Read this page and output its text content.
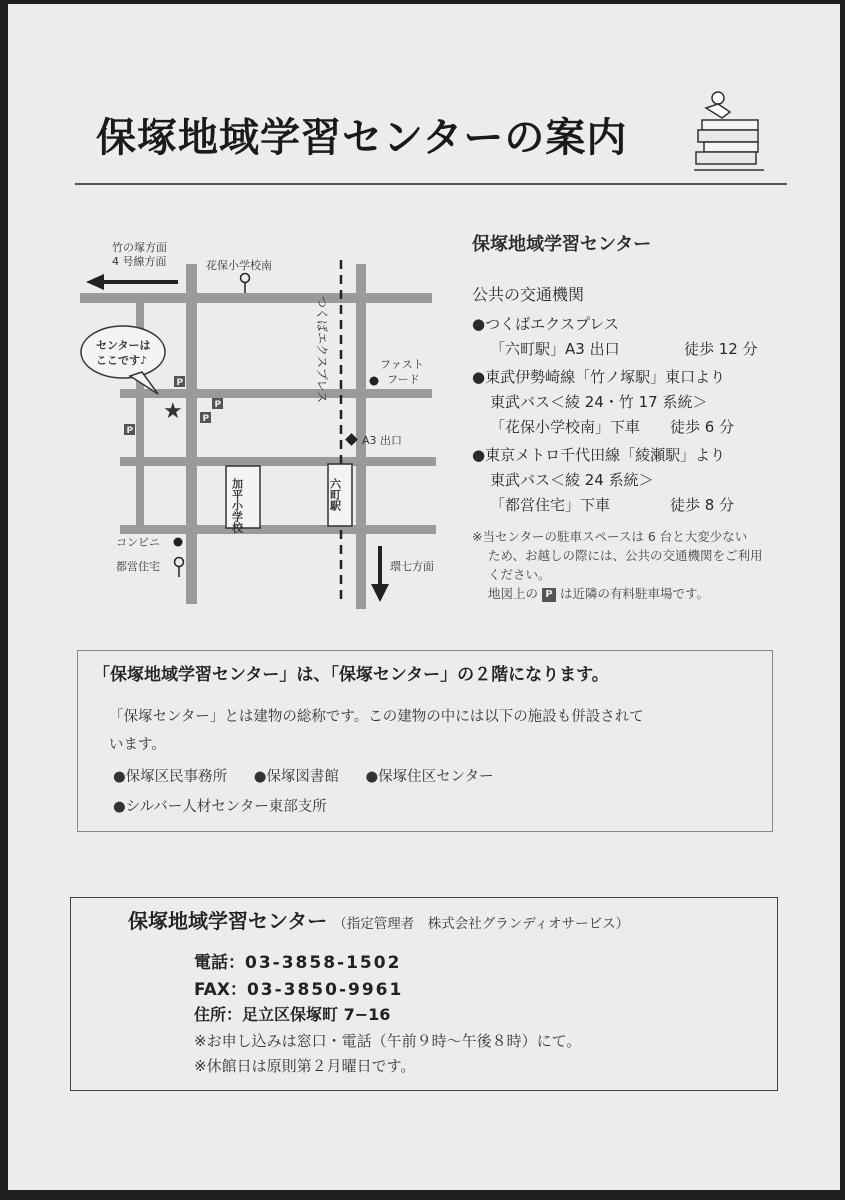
保塚地域学習センターの案内
竹の塚方面
4 号線方面	花保小学校南
つくばエクスプレス	ファスト
フード
センターは
ここです♪
★
P
P
P
P
A3 出口
加平小学校	六町駅
コンビニ
都営住宅	環七方面
保塚地域学習センター
公共の交通機関
●つくばエクスプレス
「六町駅」A3 出口	徒歩 12 分
●東武伊勢崎線「竹ノ塚駅」東口より
東武バス＜綾 24・竹 17 系統＞
「花保小学校南」下車 徒歩 6 分
●東京メトロ千代田線「綾瀬駅」より
東武バス＜綾 24 系統＞
「都営住宅」下車	徒歩 8 分
※当センターの駐車スペースは 6 台と大変少ない
ため、お越しの際には、公共の交通機関をご利用
ください。
地図上の P は近隣の有料駐車場です。
「保塚地域学習センター」は、「保塚センター」の２階になります。
「保塚センター」とは建物の総称です。この建物の中には以下の施設も併設されています。
●保塚区民事務所 ●保塚図書館 ●保塚住区センター
●シルバー人材センター東部支所
保塚地域学習センター （指定管理者　株式会社グランディオサービス）
電話：03-3858-1502
FAX：03-3850-9961
住所：足立区保塚町 7−16
※お申し込みは窓口・電話（午前９時〜午後８時）にて。
※休館日は原則第２月曜日です。
